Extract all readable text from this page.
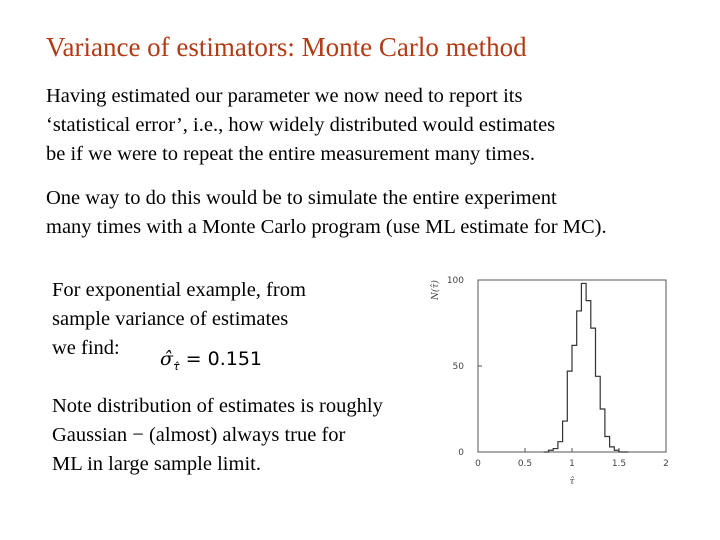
Variance of estimators: Monte Carlo method
Having estimated our parameter we now need to report its
‘statistical error’, i.e., how widely distributed would estimates
be if we were to repeat the entire measurement many times.
One way to do this would be to simulate the entire experiment
many times with a Monte Carlo program (use ML estimate for MC).
For exponential example, from
sample variance of estimates
we find:	$\sigmâ_{\taû} = 0.151$
Note distribution of estimates is roughly
Gaussian − (almost) always true for
ML in large sample limit.	0	0.5	1	1.5	2
0
50
100
τ̂
N(τ̂)
